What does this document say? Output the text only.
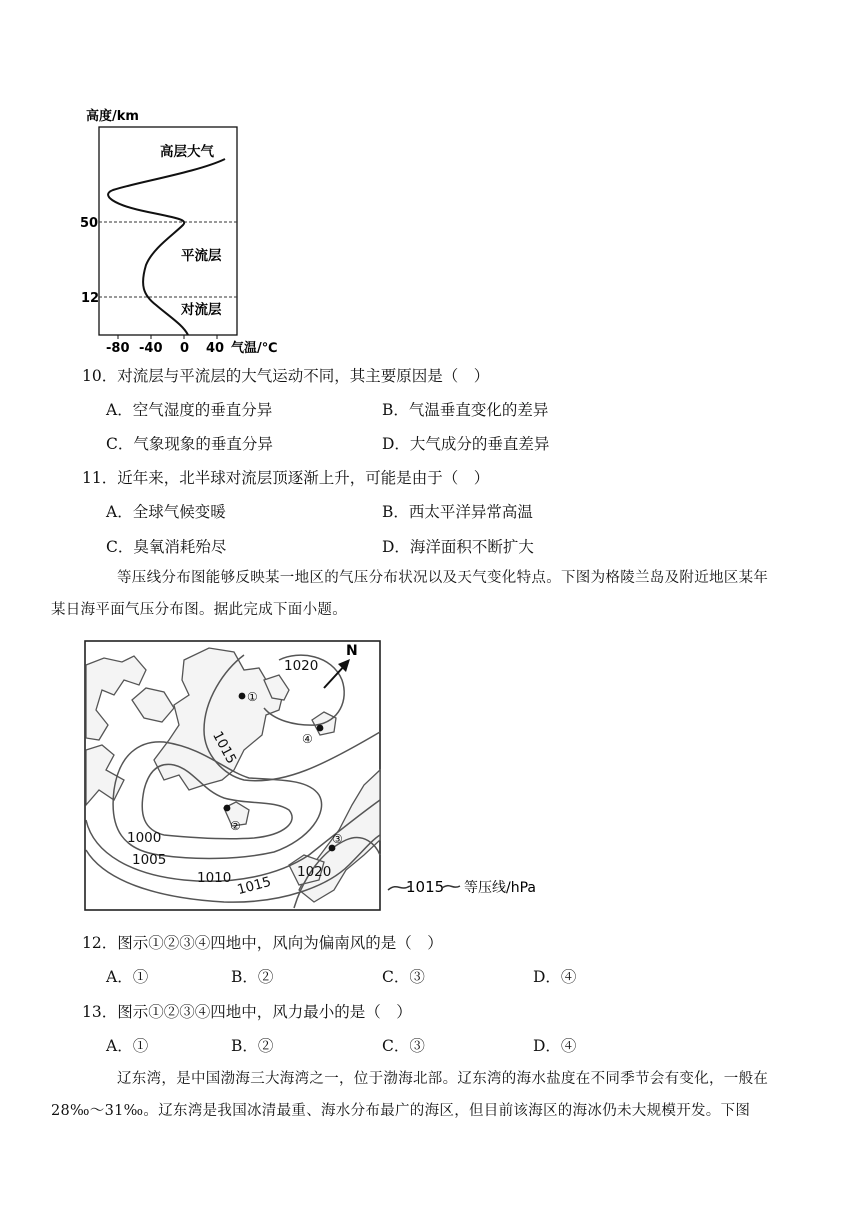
高度/km
50
12
高层大气
平流层
对流层
-80 -40 0 40 气温/℃
10．对流层与平流层的大气运动不同，其主要原因是（　）
A．空气湿度的垂直分异	B．气温垂直变化的差异
C．气象现象的垂直分异	D．大气成分的垂直差异
11．近年来，北半球对流层顶逐渐上升，可能是由于（　）
A．全球气候变暖	B．西太平洋异常高温
C．臭氧消耗殆尽	D．海洋面积不断扩大
等压线分布图能够反映某一地区的气压分布状况以及天气变化特点。下图为格陵兰岛及附近地区某年
某日海平面气压分布图。据此完成下面小题。
1020
1015
1000
1005
1010 1015
1020
①
②
③
④
N
1015 等压线/hPa
12．图示①②③④四地中，风向为偏南风的是（　）
A．①	B．②	C．③	D．④
13．图示①②③④四地中，风力最小的是（　）
A．①	B．②	C．③	D．④
辽东湾，是中国渤海三大海湾之一，位于渤海北部。辽东湾的海水盐度在不同季节会有变化，一般在
28‰～31‰。辽东湾是我国冰清最重、海水分布最广的海区，但目前该海区的海冰仍未大规模开发。下图
